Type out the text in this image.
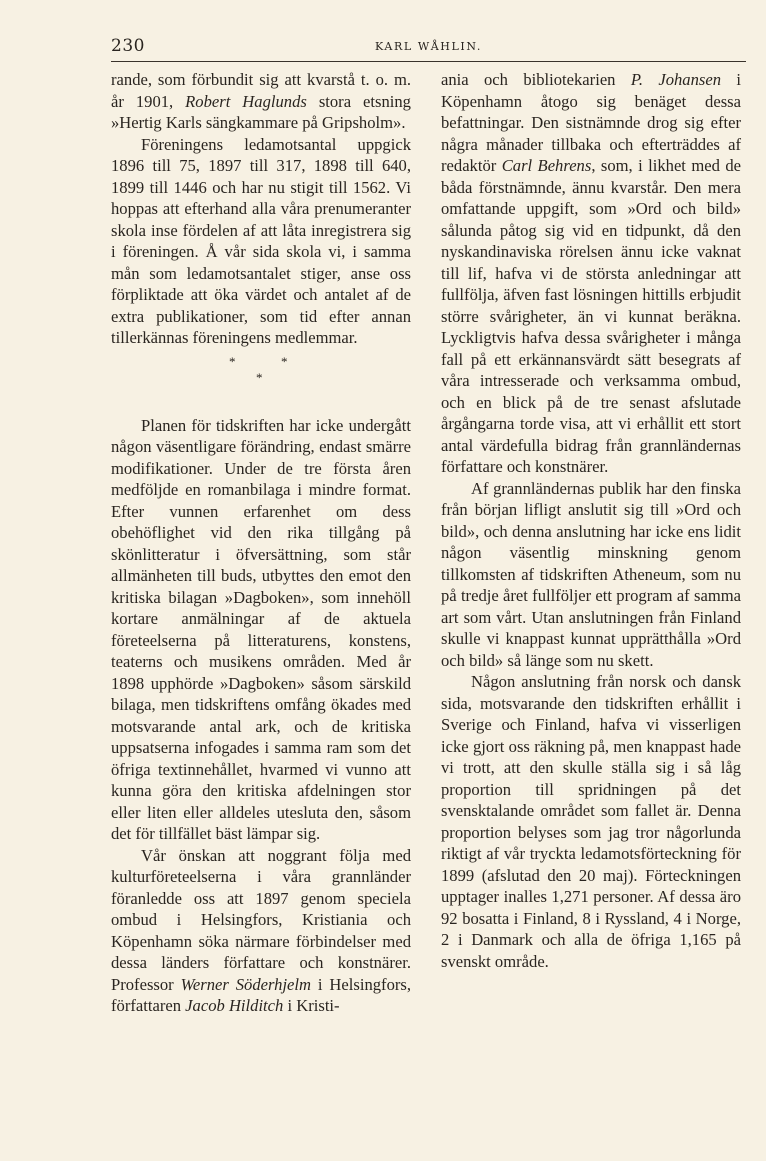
230	KARL WÅHLIN.

rande, som förbundit sig att kvarstå t. o. m. år 1901, Robert Haglunds stora etsning »Hertig Karls sängkammare på Gripsholm».

Föreningens ledamotsantal uppgick 1896 till 75, 1897 till 317, 1898 till 640, 1899 till 1446 och har nu stigit till 1562. Vi hoppas att efterhand alla våra prenumeranter skola inse fördelen af att låta inregistrera sig i föreningen. Å vår sida skola vi, i samma mån som ledamotsantalet stiger, anse oss förpliktade att öka värdet och antalet af de extra publikationer, som tid efter annan tillerkännas föreningens medlemmar.

*	*
*

Planen för tidskriften har icke undergått någon väsentligare förändring, endast smärre modifikationer. Under de tre första åren medföljde en romanbilaga i mindre format. Efter vunnen erfarenhet om dess obehöflighet vid den rika tillgång på skönlitteratur i öfversättning, som står allmänheten till buds, utbyttes den emot den kritiska bilagan »Dagboken», som innehöll kortare anmälningar af de aktuela företeelserna på litteraturens, konstens, teaterns och musikens områden. Med år 1898 upphörde »Dagboken» såsom särskild bilaga, men tidskriftens omfång ökades med motsvarande antal ark, och de kritiska uppsatserna infogades i samma ram som det öfriga textinnehållet, hvarmed vi vunno att kunna göra den kritiska afdelningen stor eller liten eller alldeles utesluta den, såsom det för tillfället bäst lämpar sig.

Vår önskan att noggrant följa med kulturföreteelserna i våra grannländer föranledde oss att 1897 genom speciela ombud i Helsingfors, Kristiania och Köpenhamn söka närmare förbindelser med dessa länders författare och konstnärer. Professor Werner Söderhjelm i Helsingfors, författaren Jacob Hilditch i Kristi-

ania och bibliotekarien P. Johansen i Köpenhamn åtogo sig benäget dessa befattningar. Den sistnämnde drog sig efter några månader tillbaka och efterträddes af redaktör Carl Behrens, som, i likhet med de båda förstnämnde, ännu kvarstår. Den mera omfattande uppgift, som »Ord och bild» sålunda påtog sig vid en tidpunkt, då den nyskandinaviska rörelsen ännu icke vaknat till lif, hafva vi de största anledningar att fullfölja, äfven fast lösningen hittills erbjudit större svårigheter, än vi kunnat beräkna. Lyckligtvis hafva dessa svårigheter i många fall på ett erkännansvärdt sätt besegrats af våra intresserade och verksamma ombud, och en blick på de tre senast afslutade årgångarna torde visa, att vi erhållit ett stort antal värdefulla bidrag från grannländernas författare och konstnärer.

Af grannländernas publik har den finska från början lifligt anslutit sig till »Ord och bild», och denna anslutning har icke ens lidit någon väsentlig minskning genom tillkomsten af tidskriften Atheneum, som nu på tredje året fullföljer ett program af samma art som vårt. Utan anslutningen från Finland skulle vi knappast kunnat upprätthålla »Ord och bild» så länge som nu skett.

Någon anslutning från norsk och dansk sida, motsvarande den tidskriften erhållit i Sverige och Finland, hafva vi visserligen icke gjort oss räkning på, men knappast hade vi trott, att den skulle ställa sig i så låg proportion till spridningen på det svensktalande området som fallet är. Denna proportion belyses som jag tror någorlunda riktigt af vår tryckta ledamotsförteckning för 1899 (afslutad den 20 maj). Förteckningen upptager inalles 1,271 personer. Af dessa äro 92 bosatta i Finland, 8 i Ryssland, 4 i Norge, 2 i Danmark och alla de öfriga 1,165 på svenskt område.
